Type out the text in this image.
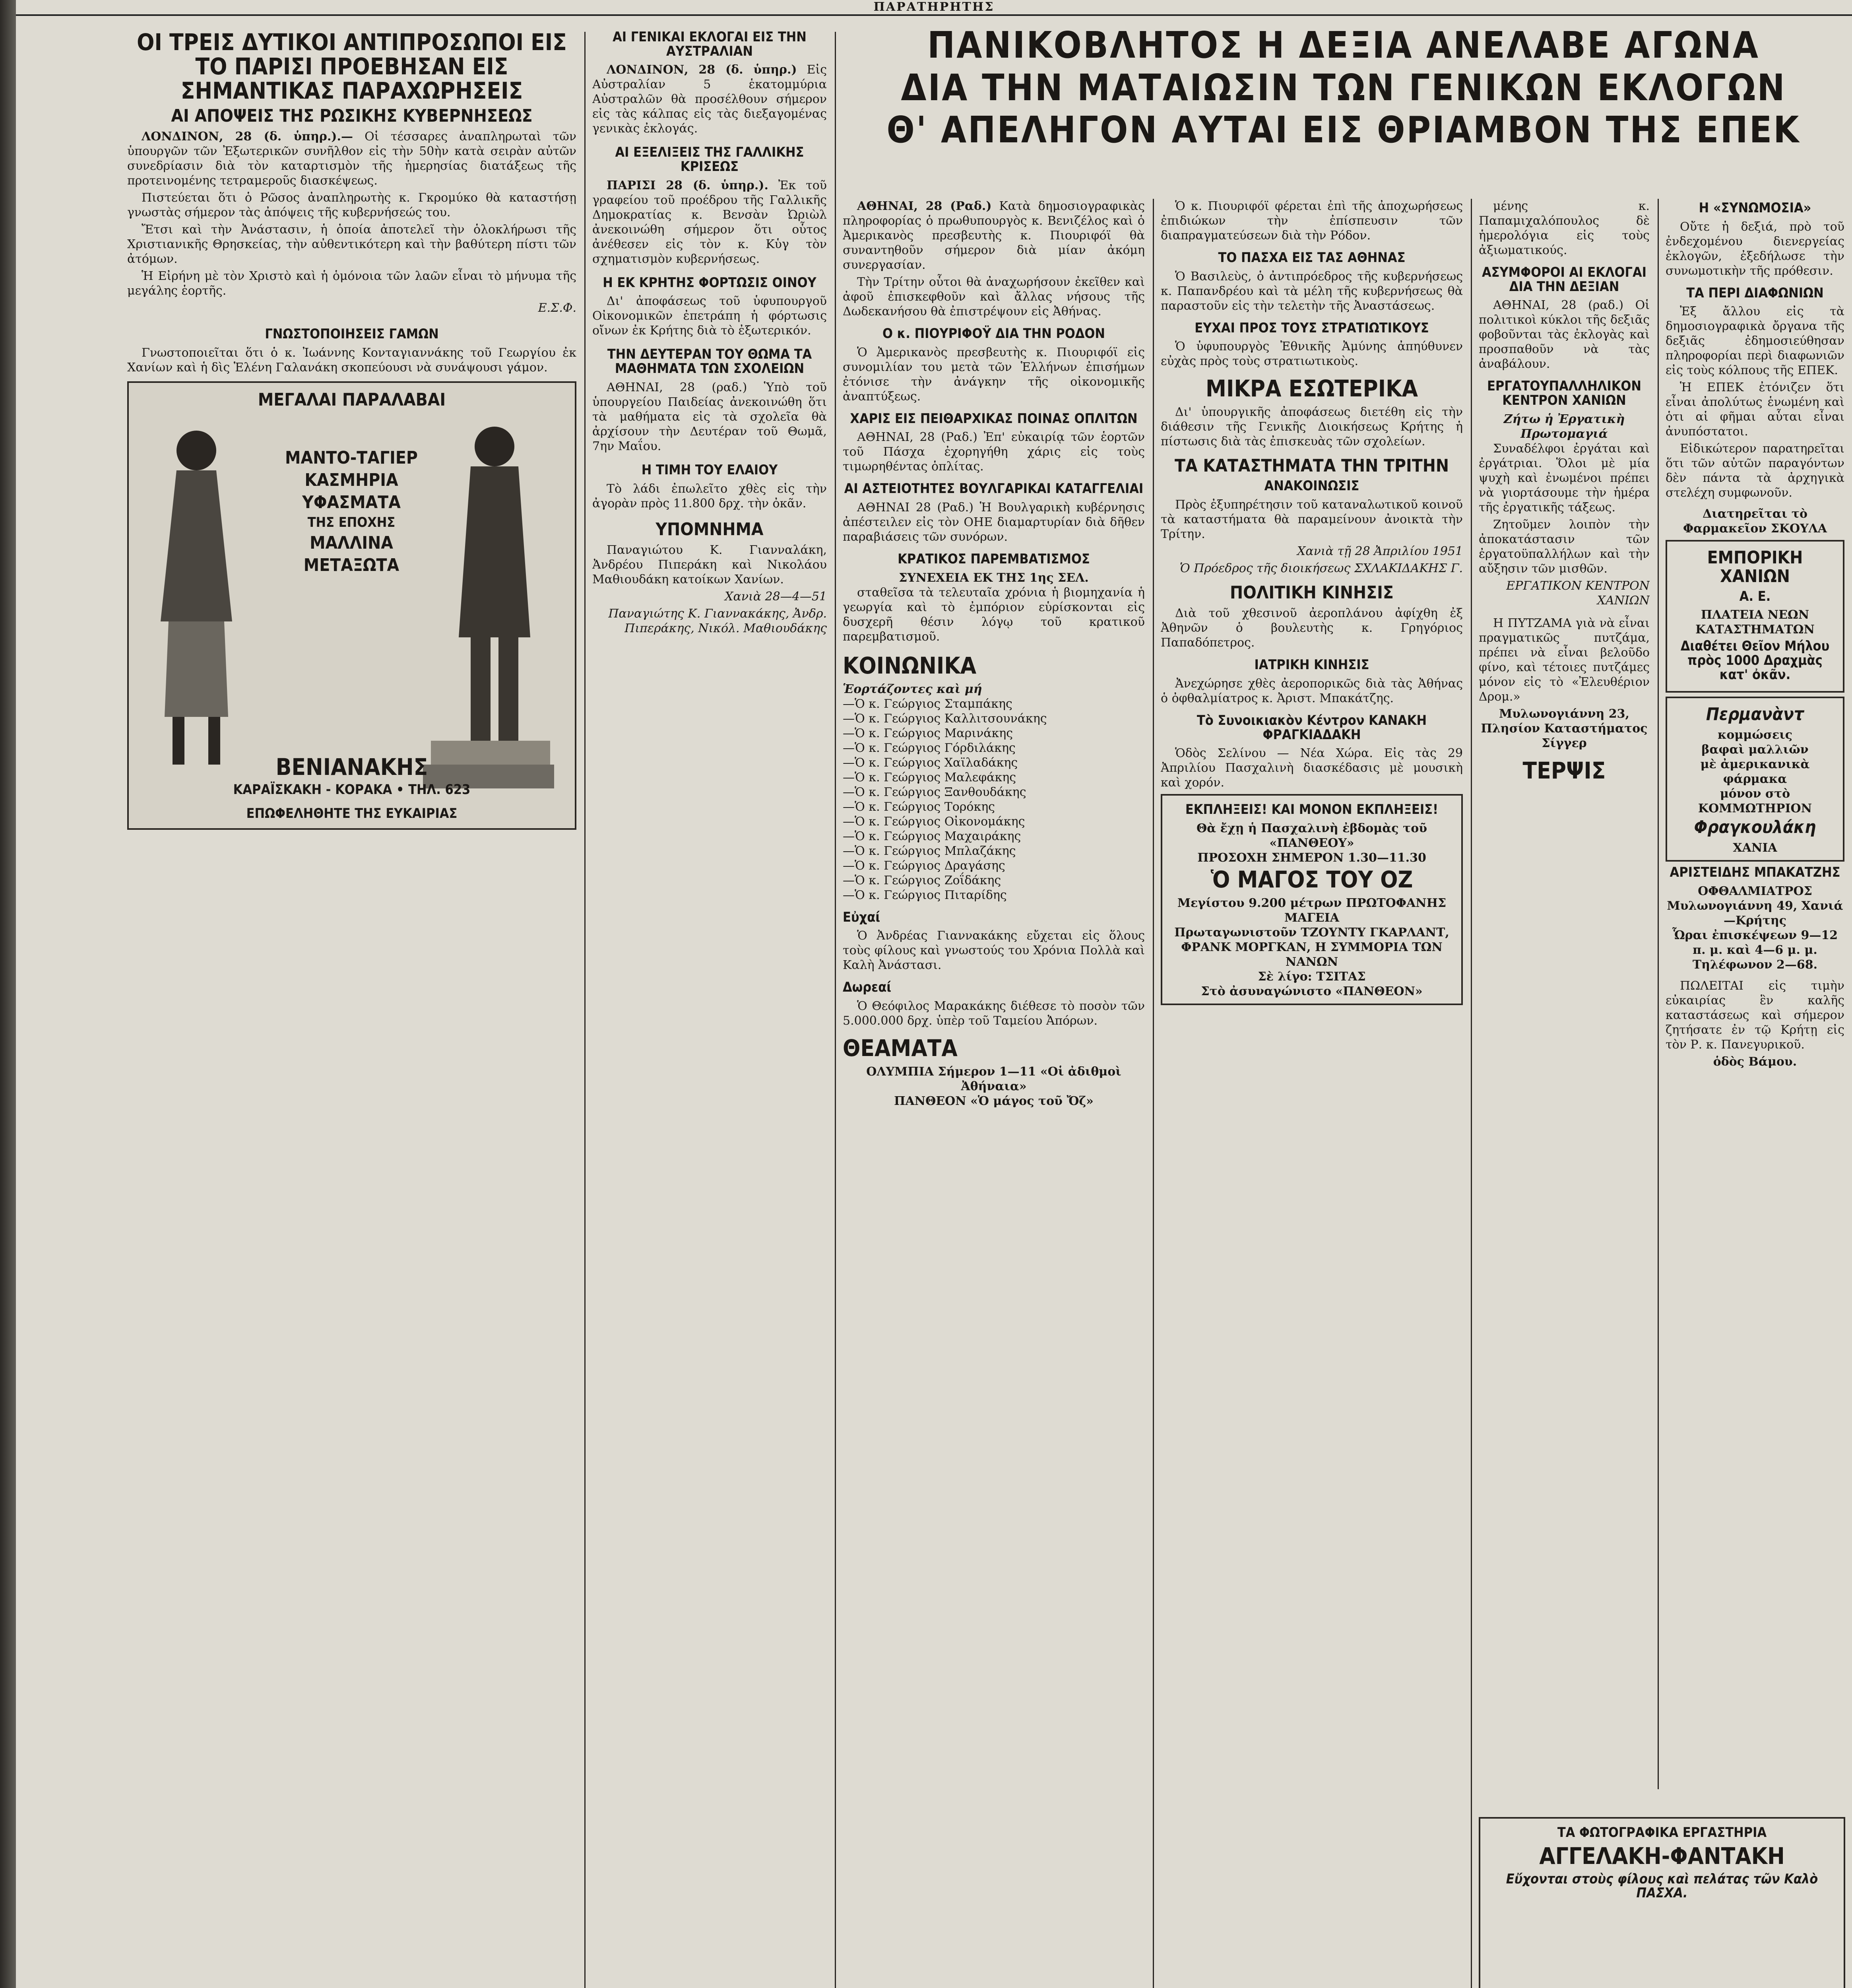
ΠΑΡΑΤΗΡΗΤΗΣ
ΠΑΝΙΚΟΒΛΗΤΟΣ Η ΔΕΞΙΑ ΑΝΕΛΑΒΕ ΑΓΩΝΑ
ΔΙΑ ΤΗΝ ΜΑΤΑΙΩΣΙΝ ΤΩΝ ΓΕΝΙΚΩΝ ΕΚΛΟΓΩΝ
Θ' ΑΠΕΛΗΓΟΝ ΑΥΤΑΙ ΕΙΣ ΘΡΙΑΜΒΟΝ ΤΗΣ ΕΠΕΚ
ΟΙ ΤΡΕΙΣ ΔΥΤΙΚΟΙ ΑΝΤΙΠΡΟΣΩΠΟΙ ΕΙΣ ΤΟ ΠΑΡΙΣΙ ΠΡΟΕΒΗΣΑΝ ΕΙΣ ΣΗΜΑΝΤΙΚΑΣ ΠΑΡΑΧΩΡΗΣΕΙΣ
ΑΙ ΑΠΟΨΕΙΣ ΤΗΣ ΡΩΣΙΚΗΣ ΚΥΒΕΡΝΗΣΕΩΣ

ΛΟΝΔΙΝΟΝ, 28 (δ. ὑπηρ.).— Οἱ τέσσαρες ἀναπληρωταὶ τῶν ὑπουργῶν τῶν Ἐξωτερικῶν συνῆλθον εἰς τὴν 50ὴν κατὰ σειρὰν αὐτῶν συνεδρίασιν διὰ τὸν καταρτισμὸν τῆς ἡμερησίας διατάξεως τῆς προτεινομένης τετραμεροῦς διασκέψεως.

Πιστεύεται ὅτι ὁ Ρῶσος ἀναπληρωτὴς κ. Γκρομύκο θὰ καταστήσῃ γνωστὰς σήμερον τὰς ἀπόψεις τῆς κυβερνήσεώς του.

Ἔτσι καὶ τὴν Ἀνάστασιν, ἡ ὁποία ἀποτελεῖ τὴν ὁλοκλήρωσι τῆς Χριστιανικῆς Θρησκείας, τὴν αὐθεντικότερη καὶ τὴν βαθύτερη πίστι τῶν ἀτόμων.

Ἡ Εἰρήνη μὲ τὸν Χριστὸ καὶ ἡ ὁμόνοια τῶν λαῶν εἶναι τὸ μήνυμα τῆς μεγάλης ἑορτῆς.

Ε.Σ.Φ.
ΓΝΩΣΤΟΠΟΙΗΣΕΙΣ ΓΑΜΩΝ

Γνωστοποιεῖται ὅτι ὁ κ. Ἰωάννης Κονταγιαννάκης τοῦ Γεωργίου ἐκ Χανίων καὶ ἡ δὶς Ἑλένη Γαλανάκη σκοπεύουσι νὰ συνάψουσι γάμον.

ΜΕΓΑΛΑΙ ΠΑΡΑΛΑΒΑΙ
ΜΑΝΤΟ-ΤΑΓΙΕΡ
ΚΑΣΜΗΡΙΑ
ΥΦΑΣΜΑΤΑ
ΤΗΣ ΕΠΟΧΗΣ
ΜΑΛΛΙΝΑ
ΜΕΤΑΞΩΤΑ
ΒΕΝΙΑΝΑΚΗΣ
ΚΑΡΑΪΣΚΑΚΗ - ΚΟΡΑΚΑ • ΤΗΛ. 623
ΕΠΩΦΕΛΗΘΗΤΕ ΤΗΣ ΕΥΚΑΙΡΙΑΣ
ΑΙ ΓΕΝΙΚΑΙ ΕΚΛΟΓΑΙ ΕΙΣ ΤΗΝ ΑΥΣΤΡΑΛΙΑΝ

ΛΟΝΔΙΝΟΝ, 28 (δ. ὑπηρ.) Εἰς Αὐστραλίαν 5 ἑκατομμύρια Αὐστραλῶν θὰ προσέλθουν σήμερον εἰς τὰς κάλπας εἰς τὰς διεξαγομένας γενικὰς ἐκλογάς.

ΑΙ ΕΞΕΛΙΞΕΙΣ ΤΗΣ ΓΑΛΛΙΚΗΣ ΚΡΙΣΕΩΣ

ΠΑΡΙΣΙ 28 (δ. ὑπηρ.). Ἐκ τοῦ γραφείου τοῦ προέδρου τῆς Γαλλικῆς Δημοκρατίας κ. Βενσὰν Ὠριὼλ ἀνεκοινώθη σήμερον ὅτι οὗτος ἀνέθεσεν εἰς τὸν κ. Κὑγ τὸν σχηματισμὸν κυβερνήσεως.

Η ΕΚ ΚΡΗΤΗΣ ΦΟΡΤΩΣΙΣ ΟΙΝΟΥ

Δι' ἀποφάσεως τοῦ ὑφυπουργοῦ Οἰκονομικῶν ἐπετράπη ἡ φόρτωσις οἴνων ἐκ Κρήτης διὰ τὸ ἐξωτερικόν.

ΤΗΝ ΔΕΥΤΕΡΑΝ ΤΟΥ ΘΩΜΑ ΤΑ ΜΑΘΗΜΑΤΑ ΤΩΝ ΣΧΟΛΕΙΩΝ

ΑΘΗΝΑΙ, 28 (ραδ.) Ὑπὸ τοῦ ὑπουργείου Παιδείας ἀνεκοινώθη ὅτι τὰ μαθήματα εἰς τὰ σχολεῖα θὰ ἀρχίσουν τὴν Δευτέραν τοῦ Θωμᾶ, 7ην Μαΐου.

Η ΤΙΜΗ ΤΟΥ ΕΛΑΙΟΥ

Τὸ λάδι ἐπωλεῖτο χθὲς εἰς τὴν ἀγορὰν πρὸς 11.800 δρχ. τὴν ὀκᾶν.

ΥΠΟΜΝΗΜΑ

Παναγιώτου Κ. Γιανναλάκη, Ἀνδρέου Πιπεράκη καὶ Νικολάου Μαθιουδάκη κατοίκων Χανίων.

Χανιὰ 28—4—51
Παναγιώτης Κ. Γιαννακάκης, Ἀνδρ. Πιπεράκης, Νικόλ. Μαθιουδάκης

ΑΘΗΝΑΙ, 28 (Ραδ.) Κατὰ δημοσιογραφικὰς πληροφορίας ὁ πρωθυπουργὸς κ. Βενιζέλος καὶ ὁ Ἀμερικανὸς πρεσβευτὴς κ. Πιουριφόϊ θὰ συναντηθοῦν σήμερον διὰ μίαν ἀκόμη συνεργασίαν.

Τὴν Τρίτην οὗτοι θὰ ἀναχωρήσουν ἐκεῖθεν καὶ ἀφοῦ ἐπισκεφθοῦν καὶ ἄλλας νήσους τῆς Δωδεκανήσου θὰ ἐπιστρέψουν εἰς Ἀθήνας.

Ο κ. ΠΙΟΥΡΙΦΟΫ ΔΙΑ ΤΗΝ ΡΟΔΟΝ

Ὁ Ἀμερικανὸς πρεσβευτὴς κ. Πιουριφόϊ εἰς συνομιλίαν του μετὰ τῶν Ἑλλήνων ἐπισήμων ἐτόνισε τὴν ἀνάγκην τῆς οἰκονομικῆς ἀναπτύξεως.

ΧΑΡΙΣ ΕΙΣ ΠΕΙΘΑΡΧΙΚΑΣ ΠΟΙΝΑΣ ΟΠΛΙΤΩΝ

ΑΘΗΝΑΙ, 28 (Ραδ.) Ἐπ' εὐκαιρίᾳ τῶν ἑορτῶν τοῦ Πάσχα ἐχορηγήθη χάρις εἰς τοὺς τιμωρηθέντας ὁπλίτας.

ΑΙ ΑΣΤΕΙΟΤΗΤΕΣ ΒΟΥΛΓΑΡΙΚΑΙ ΚΑΤΑΓΓΕΛΙΑΙ

ΑΘΗΝΑΙ 28 (Ραδ.) Ἡ Βουλγαρικὴ κυβέρνησις ἀπέστειλεν εἰς τὸν ΟΗΕ διαμαρτυρίαν διὰ δῆθεν παραβιάσεις τῶν συνόρων.

ΚΡΑΤΙΚΟΣ ΠΑΡΕΜΒΑΤΙΣΜΟΣ
ΣΥΝΕΧΕΙΑ ΕΚ ΤΗΣ 1ης ΣΕΛ.

σταθεῖσα τὰ τελευταῖα χρόνια ἡ βιομηχανία ἡ γεωργία καὶ τὸ ἐμπόριον εὑρίσκονται εἰς δυσχερῆ θέσιν λόγῳ τοῦ κρατικοῦ παρεμβατισμοῦ.

ΚΟΙΝΩΝΙΚΑ
Ἑορτάζοντες καὶ μή
—Ὁ κ. Γεώργιος Σταμπάκης
—Ὁ κ. Γεώργιος Καλλιτσουνάκης
—Ὁ κ. Γεώργιος Μαρινάκης
—Ὁ κ. Γεώργιος Γόρδιλάκης
—Ὁ κ. Γεώργιος Χαϊλαδάκης
—Ὁ κ. Γεώργιος Μαλεφάκης
—Ὁ κ. Γεώργιος Ξανθουδάκης
—Ὁ κ. Γεώργιος Τορόκης
—Ὁ κ. Γεώργιος Οἰκονομάκης
—Ὁ κ. Γεώργιος Μαχαιράκης
—Ὁ κ. Γεώργιος Μπλαζάκης
—Ὁ κ. Γεώργιος Δραγάσης
—Ὁ κ. Γεώργιος Ζοΐδάκης
—Ὁ κ. Γεώργιος Πιταρίδης
Εὐχαί

Ὁ Ἀνδρέας Γιαννακάκης εὔχεται εἰς ὅλους τοὺς φίλους καὶ γνωστούς του Χρόνια Πολλὰ καὶ Καλὴ Ἀνάστασι.

Δωρεαί

Ὁ Θεόφιλος Μαρακάκης διέθεσε τὸ ποσὸν τῶν 5.000.000 δρχ. ὑπὲρ τοῦ Ταμείου Ἀπόρων.

ΘΕΑΜΑΤΑ
ΟΛΥΜΠΙΑ Σήμερον 1—11 «Οἱ ἀδιθμοὶ Ἀθήναια»
ΠΑΝΘΕΟΝ «Ὁ μάγος τοῦ Ὄζ»

Ὁ κ. Πιουριφόϊ φέρεται ἐπὶ τῆς ἀποχωρήσεως ἐπιδιώκων τὴν ἐπίσπευσιν τῶν διαπραγματεύσεων διὰ τὴν Ρόδον.

ΤΟ ΠΑΣΧΑ ΕΙΣ ΤΑΣ ΑΘΗΝΑΣ

Ὁ Βασιλεὺς, ὁ ἀντιπρόεδρος τῆς κυβερνήσεως κ. Παπανδρέου καὶ τὰ μέλη τῆς κυβερνήσεως θὰ παραστοῦν εἰς τὴν τελετὴν τῆς Ἀναστάσεως.

ΕΥΧΑΙ ΠΡΟΣ ΤΟΥΣ ΣΤΡΑΤΙΩΤΙΚΟΥΣ

Ὁ ὑφυπουργὸς Ἐθνικῆς Ἀμύνης ἀπηύθυνεν εὐχὰς πρὸς τοὺς στρατιωτικοὺς.

ΜΙΚΡΑ ΕΣΩΤΕΡΙΚΑ

Δι' ὑπουργικῆς ἀποφάσεως διετέθη εἰς τὴν διάθεσιν τῆς Γενικῆς Διοικήσεως Κρήτης ἡ πίστωσις διὰ τὰς ἐπισκευὰς τῶν σχολείων.

ΤΑ ΚΑΤΑΣΤΗΜΑΤΑ ΤΗΝ ΤΡΙΤΗΝ
ΑΝΑΚΟΙΝΩΣΙΣ

Πρὸς ἐξυπηρέτησιν τοῦ καταναλωτικοῦ κοινοῦ τὰ καταστήματα θὰ παραμείνουν ἀνοικτὰ τὴν Τρίτην.

Χανιὰ τῇ 28 Ἀπριλίου 1951
Ὁ Πρόεδρος τῆς διοικήσεως ΣΧΛΑΚΙΔΑΚΗΣ Γ.
ΠΟΛΙΤΙΚΗ ΚΙΝΗΣΙΣ

Διὰ τοῦ χθεσινοῦ ἀεροπλάνου ἀφίχθη ἐξ Ἀθηνῶν ὁ βουλευτὴς κ. Γρηγόριος Παπαδόπετρος.

ΙΑΤΡΙΚΗ ΚΙΝΗΣΙΣ

Ἀνεχώρησε χθὲς ἀεροπορικῶς διὰ τὰς Ἀθήνας ὁ ὀφθαλμίατρος κ. Ἀριστ. Μπακάτζης.

Τὸ Συνοικιακὸν Κέντρον ΚΑΝΑΚΗ ΦΡΑΓΚΙΑΔΑΚΗ

Ὁδὸς Σελίνου — Νέα Χώρα. Εἰς τὰς 29 Ἀπριλίου Πασχαλινὴ διασκέδασις μὲ μουσικὴ καὶ χορόν.

ΕΚΠΛΗΞΕΙΣ! ΚΑΙ ΜΟΝΟΝ ΕΚΠΛΗΞΕΙΣ!
Θὰ ἔχῃ ἡ Πασχαλινὴ ἐβδομὰς τοῦ «ΠΑΝΘΕΟΥ»
ΠΡΟΣΟΧΗ ΣΗΜΕΡΟΝ 1.30—11.30
Ὁ ΜΑΓΟΣ ΤΟΥ ΟΖ
Μεγίστου 9.200 μέτρων ΠΡΩΤΟΦΑΝΗΣ ΜΑΓΕΙΑ
Πρωταγωνιστοῦν ΤΖΟΥΝΤΥ ΓΚΑΡΛΑΝΤ, ΦΡΑΝΚ ΜΟΡΓΚΑΝ, Η ΣΥΜΜΟΡΙΑ ΤΩΝ ΝΑΝΩΝ
Σὲ λίγο: ΤΣΙΤΑΣ
Στὸ ἀσυναγώνιστο «ΠΑΝΘΕΟΝ»

μένης κ. Παπαμιχαλόπουλος δὲ ἡμερολόγια εἰς τοὺς ἀξιωματικούς.

ΑΣΥΜΦΟΡΟΙ ΑΙ ΕΚΛΟΓΑΙ ΔΙΑ ΤΗΝ ΔΕΞΙΑΝ

ΑΘΗΝΑΙ, 28 (ραδ.) Οἱ πολιτικοὶ κύκλοι τῆς δεξιᾶς φοβοῦνται τὰς ἐκλογὰς καὶ προσπαθοῦν νὰ τὰς ἀναβάλουν.

ΕΡΓΑΤΟΥΠΑΛΛΗΛΙΚΟΝ ΚΕΝΤΡΟΝ ΧΑΝΙΩΝ
Ζήτω ἡ Ἐργατικὴ Πρωτομαγιά

Συναδέλφοι ἐργάται καὶ ἐργάτριαι. Ὅλοι μὲ μία ψυχὴ καὶ ἐνωμένοι πρέπει νὰ γιορτάσουμε τὴν ἡμέρα τῆς ἐργατικῆς τάξεως.

Ζητοῦμεν λοιπὸν τὴν ἀποκατάστασιν τῶν ἐργατοϋπαλλήλων καὶ τὴν αὔξησιν τῶν μισθῶν.

ΕΡΓΑΤΙΚΟΝ ΚΕΝΤΡΟΝ ΧΑΝΙΩΝ

Η ΠΥΤΖΑΜΑ γιὰ νὰ εἶναι πραγματικῶς πυτζάμα, πρέπει νὰ εἶναι βελοῦδο φίνο, καὶ τέτοιες πυτζάμες μόνον εἰς τὸ «Ἐλευθέριον Δρομ.»

Μυλωνογιάννη 23, Πλησίον Καταστήματος Σίγγερ
ΤΕΡΨΙΣ
Η «ΣΥΝΩΜΟΣΙΑ»

Οὔτε ἡ δεξιά, πρὸ τοῦ ἐνδεχομένου διενεργείας ἐκλογῶν, ἐξεδήλωσε τὴν συνωμοτικὴν τῆς πρόθεσιν.

ΤΑ ΠΕΡΙ ΔΙΑΦΩΝΙΩΝ

Ἐξ ἄλλου εἰς τὰ δημοσιογραφικὰ ὄργανα τῆς δεξιᾶς ἐδημοσιεύθησαν πληροφορίαι περὶ διαφωνιῶν εἰς τοὺς κόλπους τῆς ΕΠΕΚ.

Ἡ ΕΠΕΚ ἐτόνιζεν ὅτι εἶναι ἀπολύτως ἑνωμένη καὶ ὁτι αἱ φῆμαι αὗται εἶναι ἀνυπόστατοι.

Εἰδικώτερον παρατηρεῖται ὅτι τῶν αὐτῶν παραγόντων δὲν πάντα τὰ ἀρχηγικὰ στελέχη συμφωνοῦν.

Διατηρεῖται τὸ Φαρμακεῖον ΣΚΟΥΛΑ
ΕΜΠΟΡΙΚΗ ΧΑΝΙΩΝ
Α. Ε.
ΠΛΑΤΕΙΑ ΝΕΩΝ ΚΑΤΑΣΤΗΜΑΤΩΝ
Διαθέτει Θεῖον Μήλου πρὸς 1000 Δραχμὰς κατ' ὀκᾶν.
Περμανὰντ
κομμώσεις
βαφαὶ μαλλιῶν
μὲ ἀμερικανικὰ φάρμακα
μόνον στὸ ΚΟΜΜΩΤΗΡΙΟΝ
Φραγκουλάκη
ΧΑΝΙΑ
ΑΡΙΣΤΕΙΔΗΣ ΜΠΑΚΑΤΖΗΣ
ΟΦΘΑΛΜΙΑΤΡΟΣ
Μυλωνογιάννη 49, Χανιά—Κρήτης
Ὧραι ἐπισκέψεων 9—12 π. μ. καὶ 4—6 μ. μ.
Τηλέφωνον 2—68.

ΠΩΛΕΙΤΑΙ εἰς τιμὴν εὐκαιρίας ἓν καλῆς καταστάσεως καὶ σήμερον ζητήσατε ἐν τῷ Κρήτῃ εἰς τὸν Ρ. κ. Πανεγυρικοῦ.

ὁδὸς Βάμου.
ΤΑ ΦΩΤΟΓΡΑΦΙΚΑ ΕΡΓΑΣΤΗΡΙΑ
ΑΓΓΕΛΑΚΗ-ΦΑΝΤΑΚΗ
Εὔχονται στοὺς φίλους καὶ πελάτας τῶν Καλὸ ΠΑΣΧΑ.
